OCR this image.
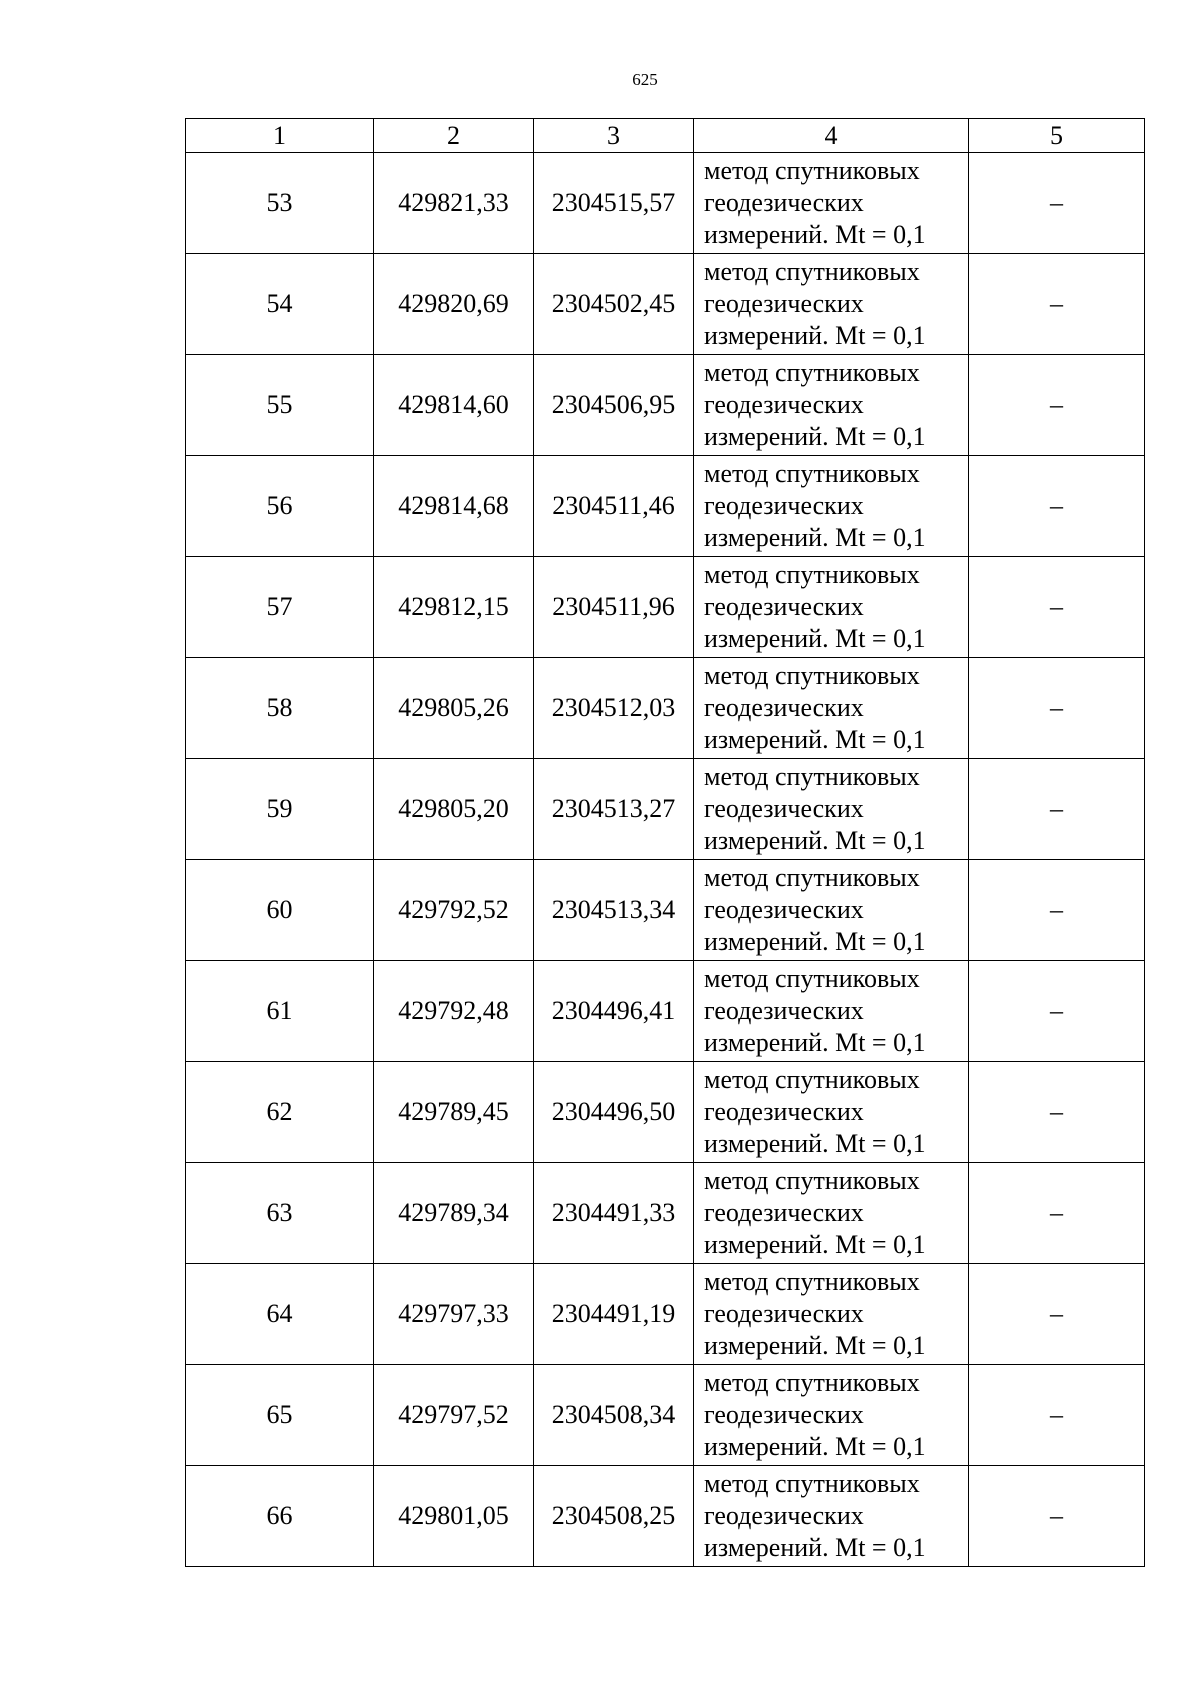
625
1	2	3	4	5
53	429821,33	2304515,57	метод спутниковых
геодезических
измерений. Mt = 0,1	–
54	429820,69	2304502,45	метод спутниковых
геодезических
измерений. Mt = 0,1	–
55	429814,60	2304506,95	метод спутниковых
геодезических
измерений. Mt = 0,1	–
56	429814,68	2304511,46	метод спутниковых
геодезических
измерений. Mt = 0,1	–
57	429812,15	2304511,96	метод спутниковых
геодезических
измерений. Mt = 0,1	–
58	429805,26	2304512,03	метод спутниковых
геодезических
измерений. Mt = 0,1	–
59	429805,20	2304513,27	метод спутниковых
геодезических
измерений. Mt = 0,1	–
60	429792,52	2304513,34	метод спутниковых
геодезических
измерений. Mt = 0,1	–
61	429792,48	2304496,41	метод спутниковых
геодезических
измерений. Mt = 0,1	–
62	429789,45	2304496,50	метод спутниковых
геодезических
измерений. Mt = 0,1	–
63	429789,34	2304491,33	метод спутниковых
геодезических
измерений. Mt = 0,1	–
64	429797,33	2304491,19	метод спутниковых
геодезических
измерений. Mt = 0,1	–
65	429797,52	2304508,34	метод спутниковых
геодезических
измерений. Mt = 0,1	–
66	429801,05	2304508,25	метод спутниковых
геодезических
измерений. Mt = 0,1	–
